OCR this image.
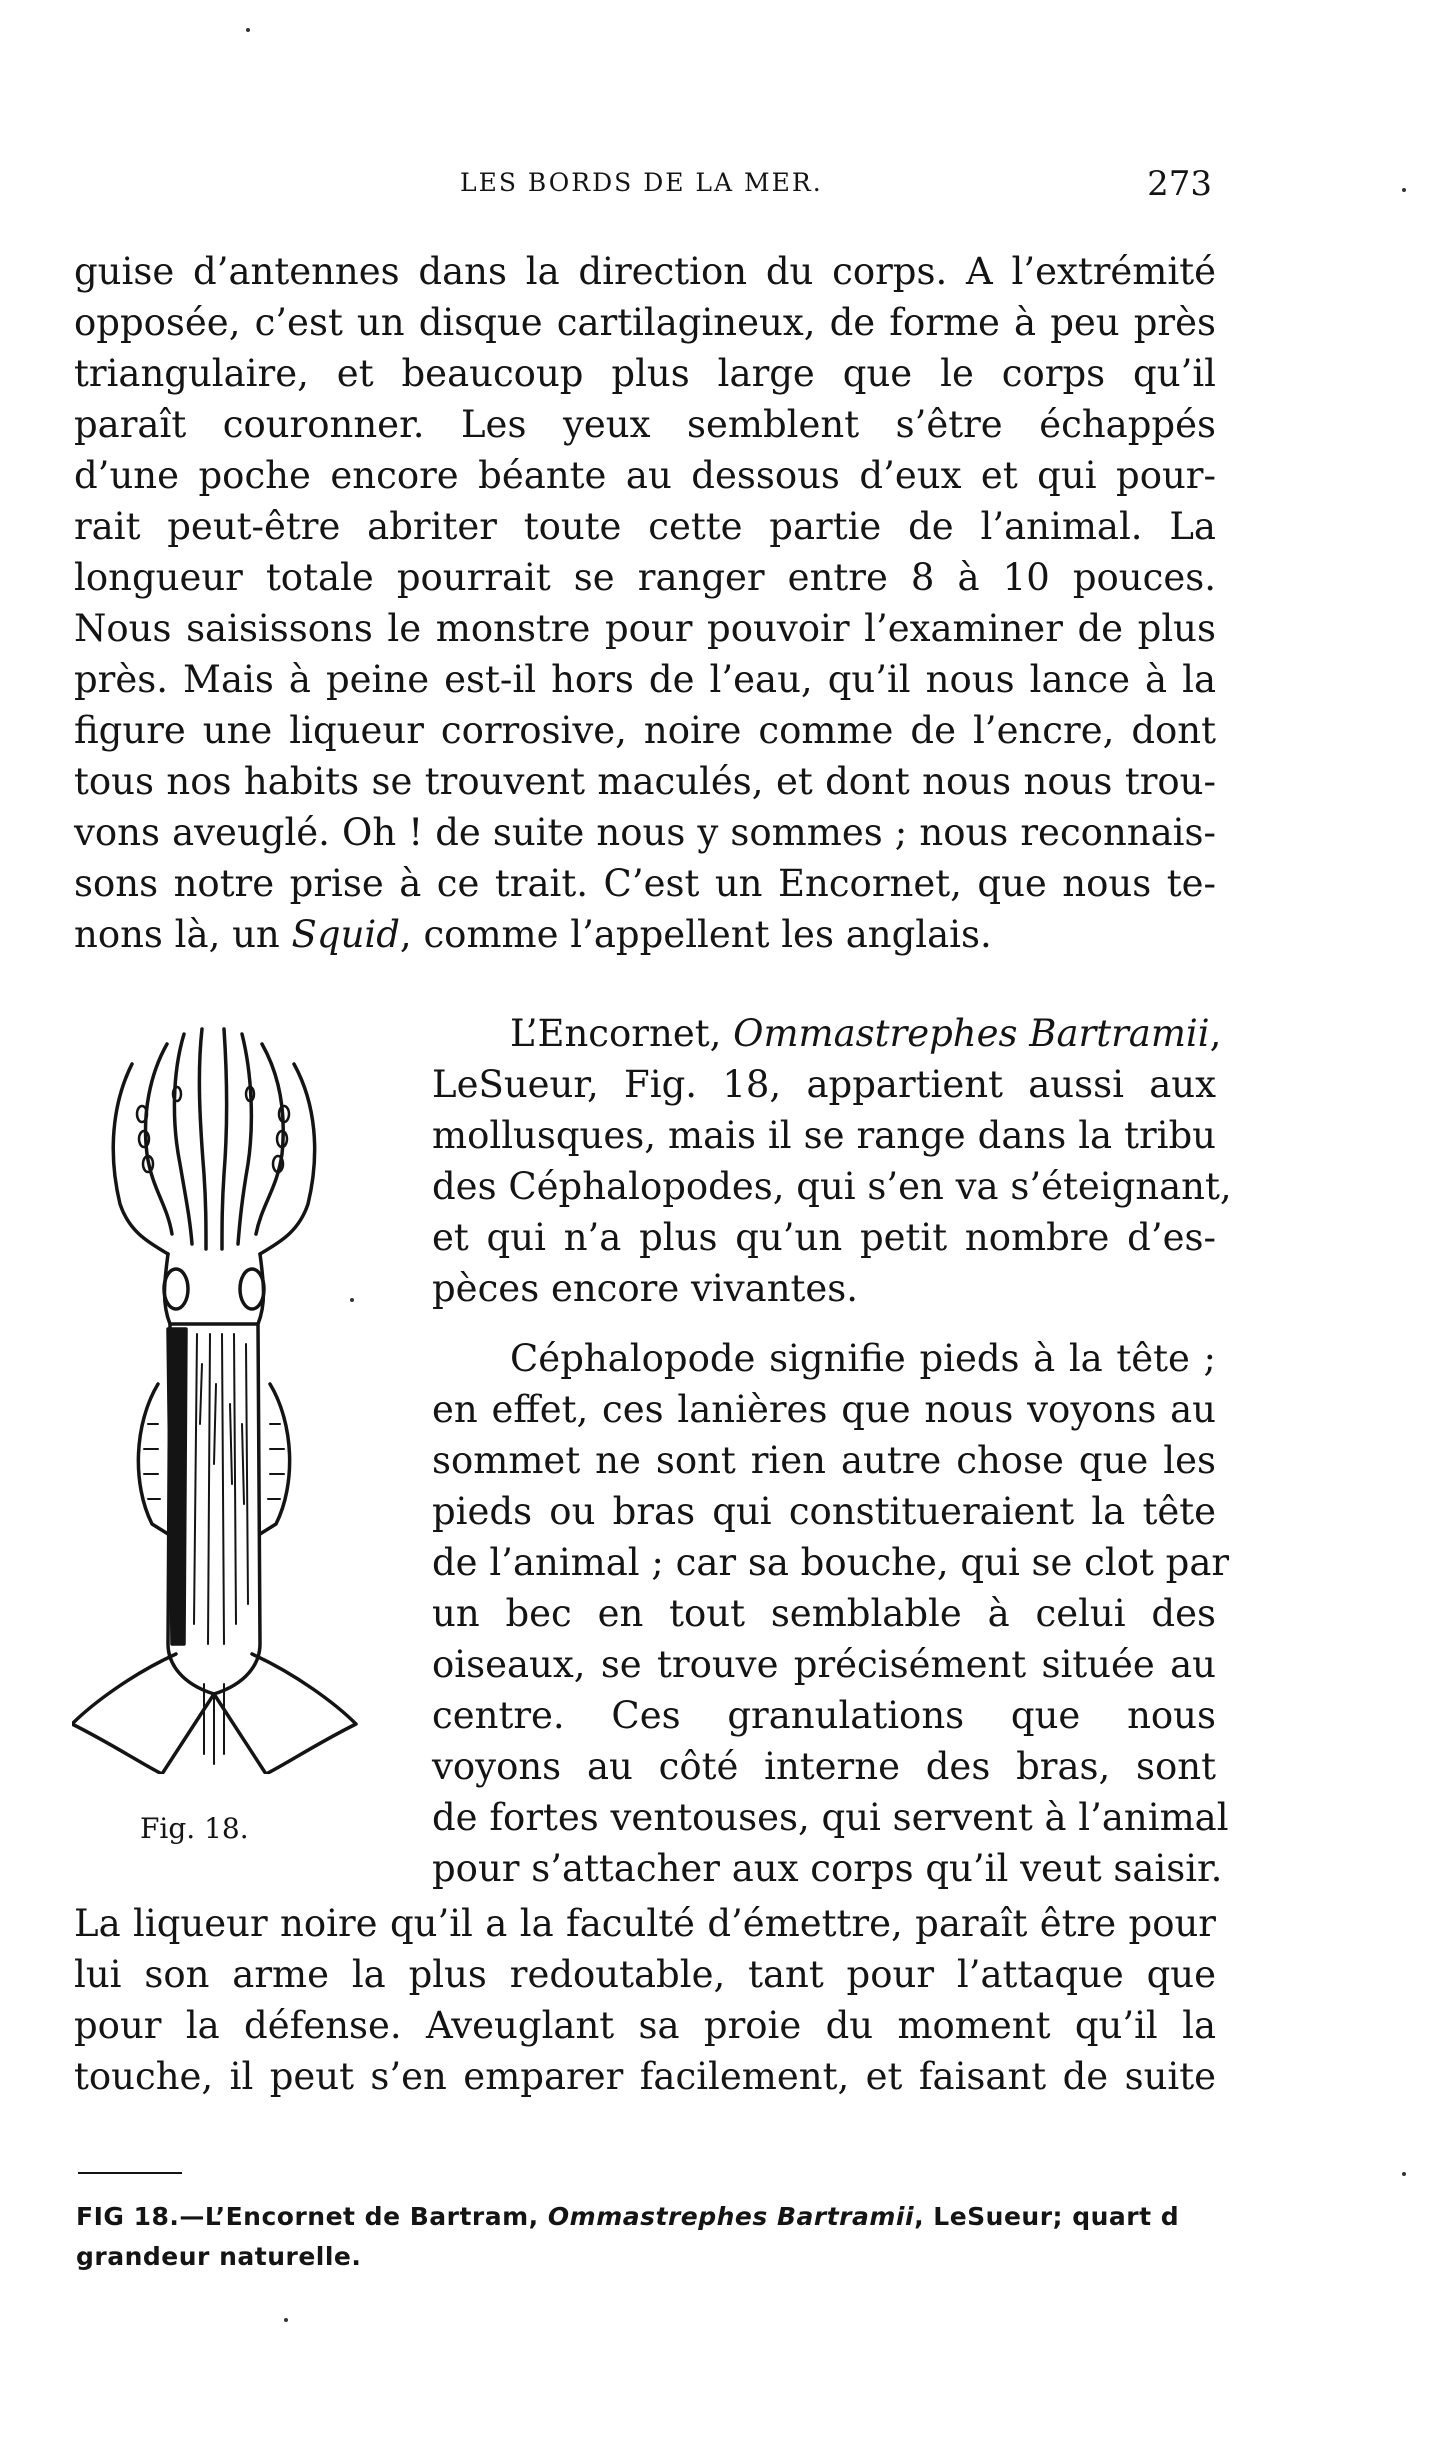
LES BORDS DE LA MER.	273
guise d’antennes dans la direction du corps. A l’extrémité
opposée, c’est un disque cartilagineux, de forme à peu près
triangulaire, et beaucoup plus large que le corps qu’il
paraît couronner. Les yeux semblent s’être échappés
d’une poche encore béante au dessous d’eux et qui pour-
rait peut-être abriter toute cette partie de l’animal. La
longueur totale pourrait se ranger entre 8 à 10 pouces.
Nous saisissons le monstre pour pouvoir l’examiner de plus
près. Mais à peine est-il hors de l’eau, qu’il nous lance à la
figure une liqueur corrosive, noire comme de l’encre, dont
tous nos habits se trouvent maculés, et dont nous nous trou-
vons aveuglé. Oh ! de suite nous y sommes ; nous reconnais-
sons notre prise à ce trait. C’est un Encornet, que nous te-
nons là, un Squid, comme l’appellent les anglais.
Fig. 18.
L’Encornet, Ommastrephes Bartramii,
LeSueur, Fig. 18, appartient aussi aux
mollusques, mais il se range dans la tribu
des Céphalopodes, qui s’en va s’éteignant,
et qui n’a plus qu’un petit nombre d’es-
pèces encore vivantes.
Céphalopode signifie pieds à la tête ;
en effet, ces lanières que nous voyons au
sommet ne sont rien autre chose que les
pieds ou bras qui constitueraient la tête
de l’animal ; car sa bouche, qui se clot par
un bec en tout semblable à celui des
oiseaux, se trouve précisément située au
centre. Ces granulations que nous
voyons au côté interne des bras, sont
de fortes ventouses, qui servent à l’animal
pour s’attacher aux corps qu’il veut saisir.
La liqueur noire qu’il a la faculté d’émettre, paraît être pour
lui son arme la plus redoutable, tant pour l’attaque que
pour la défense. Aveuglant sa proie du moment qu’il la
touche, il peut s’en emparer facilement, et faisant de suite
FIG 18.—L’Encornet de Bartram, Ommastrephes Bartramii, LeSueur; quart d
grandeur naturelle.
